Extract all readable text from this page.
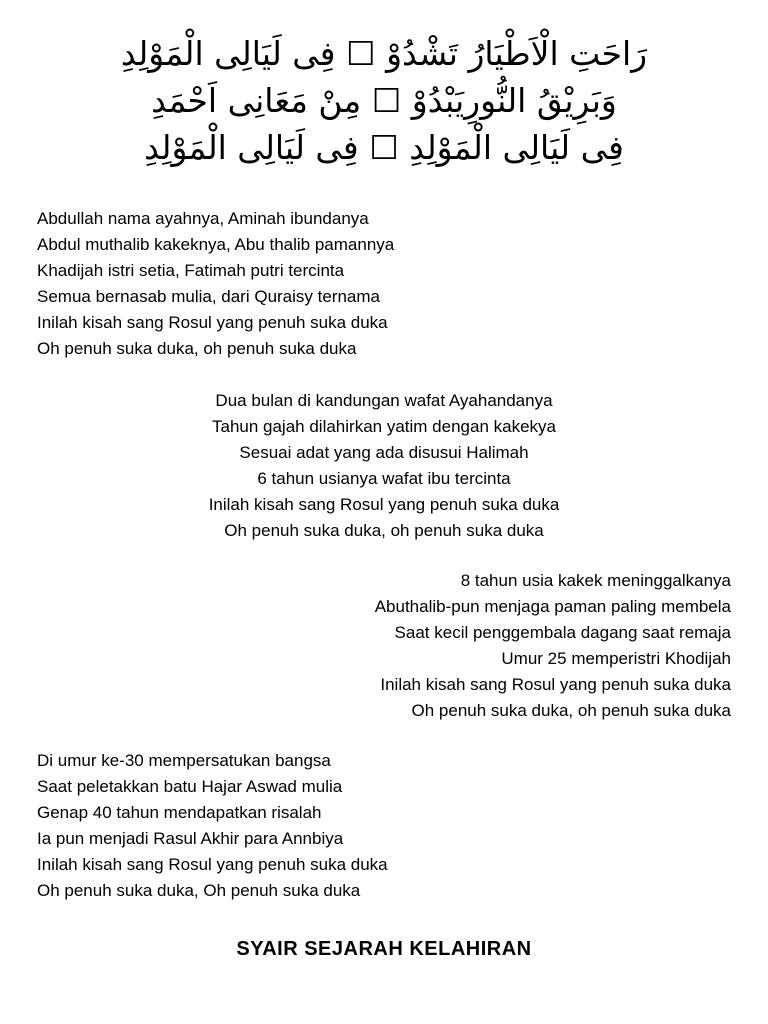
رَاحَتِ الْاَطْيَارُ تَشْدُوْ ☐ فِى لَيَالِى الْمَوْلِدِ
وَبَرِيْقُ النُّورِيَبْدُوْ ☐ مِنْ مَعَانِى اَحْمَدِ
فِى لَيَالِى الْمَوْلِدِ ☐ فِى لَيَالِى الْمَوْلِدِ
Abdullah nama ayahnya, Aminah ibundanya
Abdul muthalib kakeknya, Abu thalib pamannya
Khadijah istri setia, Fatimah putri tercinta
Semua bernasab mulia, dari Quraisy ternama
Inilah kisah sang Rosul yang penuh suka duka
Oh penuh suka duka, oh penuh suka duka
Dua bulan di kandungan wafat Ayahandanya
Tahun gajah dilahirkan yatim dengan kakekya
Sesuai adat yang ada disusui Halimah
6 tahun usianya wafat ibu tercinta
Inilah kisah sang Rosul yang penuh suka duka
Oh penuh suka duka, oh penuh suka duka
8 tahun usia kakek meninggalkanya
Abuthalib-pun menjaga paman paling membela
Saat kecil penggembala dagang saat remaja
Umur 25 memperistri Khodijah
Inilah kisah sang Rosul yang penuh suka duka
Oh penuh suka duka, oh penuh suka duka
Di umur ke-30 mempersatukan bangsa
Saat peletakkan batu Hajar Aswad mulia
Genap 40 tahun mendapatkan risalah
Ia pun menjadi Rasul Akhir para Annbiya
Inilah kisah sang Rosul yang penuh suka duka
Oh penuh suka duka, Oh penuh suka duka
SYAIR SEJARAH KELAHIRAN
